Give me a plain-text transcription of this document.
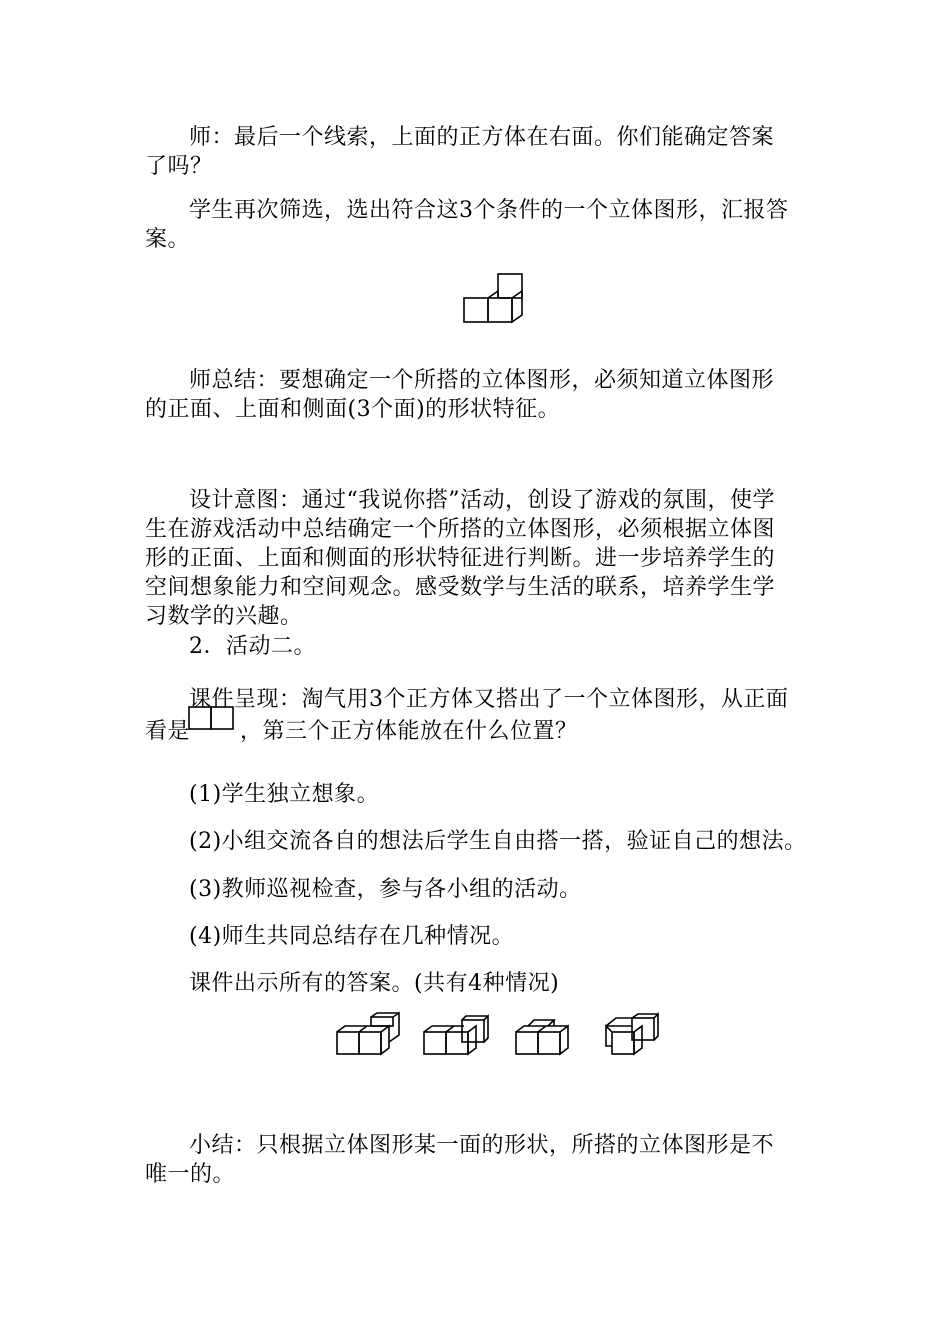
师：最后一个线索，上面的正方体在右面。你们能确定答案了吗？

学生再次筛选，选出符合这3个条件的一个立体图形，汇报答案。

师总结：要想确定一个所搭的立体图形，必须知道立体图形的正面、上面和侧面(3个面)的形状特征。

设计意图：通过“我说你搭”活动，创设了游戏的氛围，使学生在游戏活动中总结确定一个所搭的立体图形，必须根据立体图形的正面、上面和侧面的形状特征进行判断。进一步培养学生的空间想象能力和空间观念。感受数学与生活的联系，培养学生学习数学的兴趣。

2．活动二。

课件呈现：淘气用3个正方体又搭出了一个立体图形，从正面
看是 ，第三个正方体能放在什么位置？
(1)学生独立想象。
(2)小组交流各自的想法后学生自由搭一搭，验证自己的想法。
(3)教师巡视检查，参与各小组的活动。
(4)师生共同总结存在几种情况。
课件出示所有的答案。(共有4种情况)

小结：只根据立体图形某一面的形状，所搭的立体图形是不唯一的。
